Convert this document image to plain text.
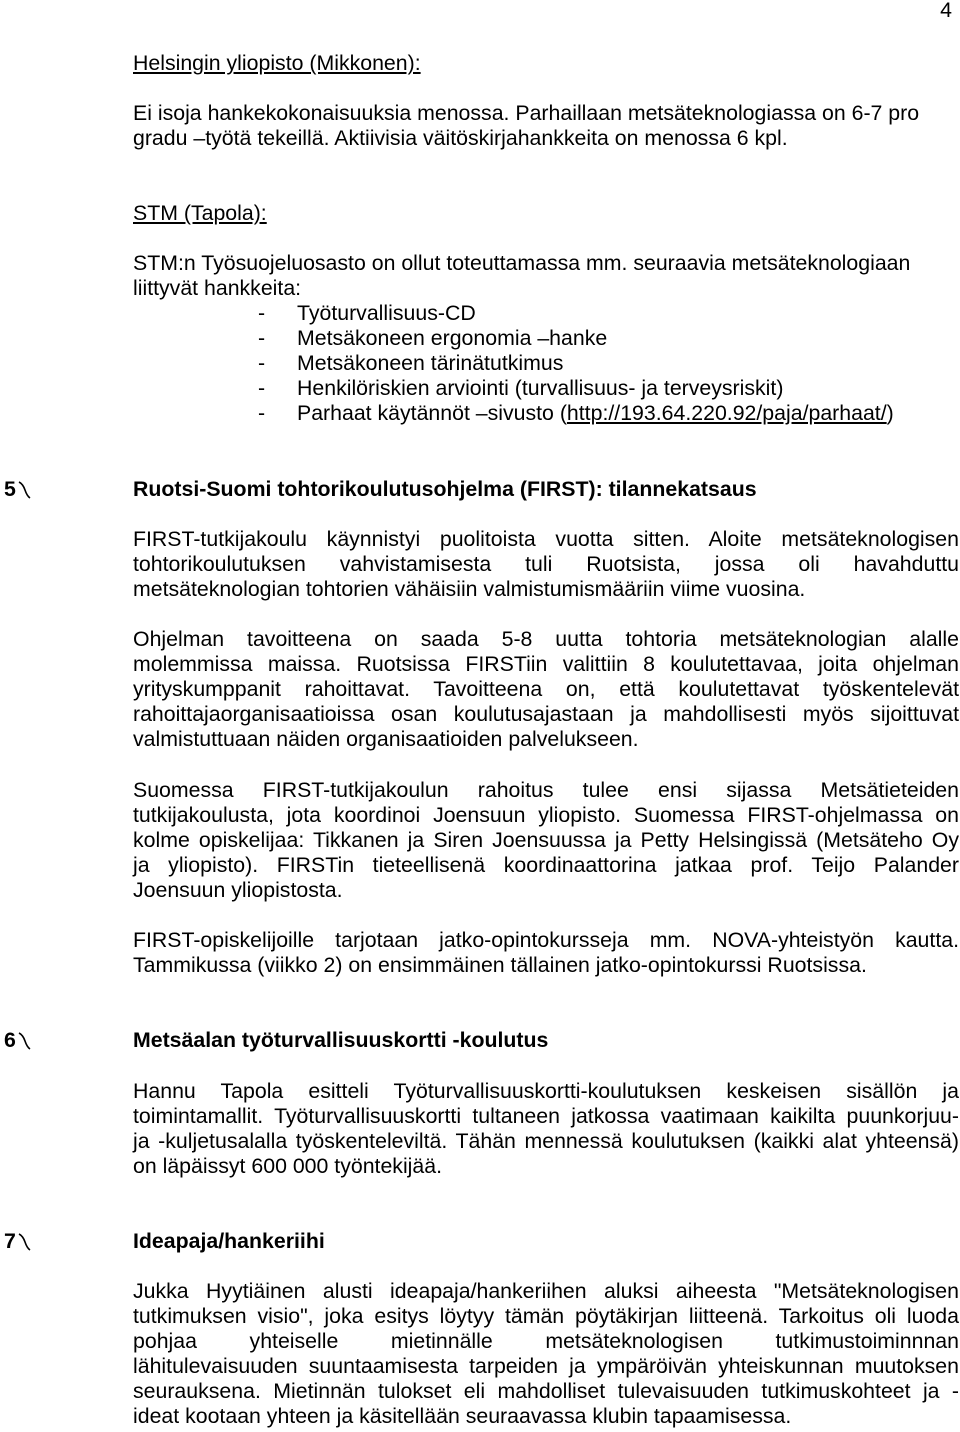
4
Helsingin yliopisto (Mikkonen):
Ei isoja hankekokonaisuuksia menossa. Parhaillaan metsäteknologiassa on 6-7 pro
gradu –työtä tekeillä. Aktiivisia väitöskirjahankkeita on menossa 6 kpl.
STM (Tapola):
STM:n Työsuojeluosasto on ollut toteuttamassa mm. seuraavia metsäteknologiaan
liittyvät hankkeita:
- Työturvallisuus-CD
- Metsäkoneen ergonomia –hanke
- Metsäkoneen tärinätutkimus
- Henkilöriskien arviointi (turvallisuus- ja terveysriskit)
- Parhaat käytännöt –sivusto (http://193.64.220.92/paja/parhaat/)
5	Ruotsi-Suomi tohtorikoulutusohjelma (FIRST): tilannekatsaus
FIRST-tutkijakoulu käynnistyi puolitoista vuotta sitten. Aloite metsäteknologisen
tohtorikoulutuksen vahvistamisesta tuli Ruotsista, jossa oli havahduttu
metsäteknologian tohtorien vähäisiin valmistumismääriin viime vuosina.
Ohjelman tavoitteena on saada 5-8 uutta tohtoria metsäteknologian alalle
molemmissa maissa. Ruotsissa FIRSTiin valittiin 8 koulutettavaa, joita ohjelman
yrityskumppanit rahoittavat. Tavoitteena on, että koulutettavat työskentelevät
rahoittajaorganisaatioissa osan koulutusajastaan ja mahdollisesti myös sijoittuvat
valmistuttuaan näiden organisaatioiden palvelukseen.
Suomessa FIRST-tutkijakoulun rahoitus tulee ensi sijassa Metsätieteiden
tutkijakoulusta, jota koordinoi Joensuun yliopisto. Suomessa FIRST-ohjelmassa on
kolme opiskelijaa: Tikkanen ja Siren Joensuussa ja Petty Helsingissä (Metsäteho Oy
ja yliopisto). FIRSTin tieteellisenä koordinaattorina jatkaa prof. Teijo Palander
Joensuun yliopistosta.
FIRST-opiskelijoille tarjotaan jatko-opintokursseja mm. NOVA-yhteistyön kautta.
Tammikussa (viikko 2) on ensimmäinen tällainen jatko-opintokurssi Ruotsissa.
6	Metsäalan työturvallisuuskortti -koulutus
Hannu Tapola esitteli Työturvallisuuskortti-koulutuksen keskeisen sisällön ja
toimintamallit. Työturvallisuuskortti tultaneen jatkossa vaatimaan kaikilta puunkorjuu-
ja -kuljetusalalla työskenteleviltä. Tähän mennessä koulutuksen (kaikki alat yhteensä)
on läpäissyt 600 000 työntekijää.
7	Ideapaja/hankeriihi
Jukka Hyytiäinen alusti ideapaja/hankeriihen aluksi aiheesta "Metsäteknologisen
tutkimuksen visio", joka esitys löytyy tämän pöytäkirjan liitteenä. Tarkoitus oli luoda
pohjaa yhteiselle mietinnälle metsäteknologisen tutkimustoiminnnan
lähitulevaisuuden suuntaamisesta tarpeiden ja ympäröivän yhteiskunnan muutoksen
seurauksena. Mietinnän tulokset eli mahdolliset tulevaisuuden tutkimuskohteet ja -
ideat kootaan yhteen ja käsitellään seuraavassa klubin tapaamisessa.
